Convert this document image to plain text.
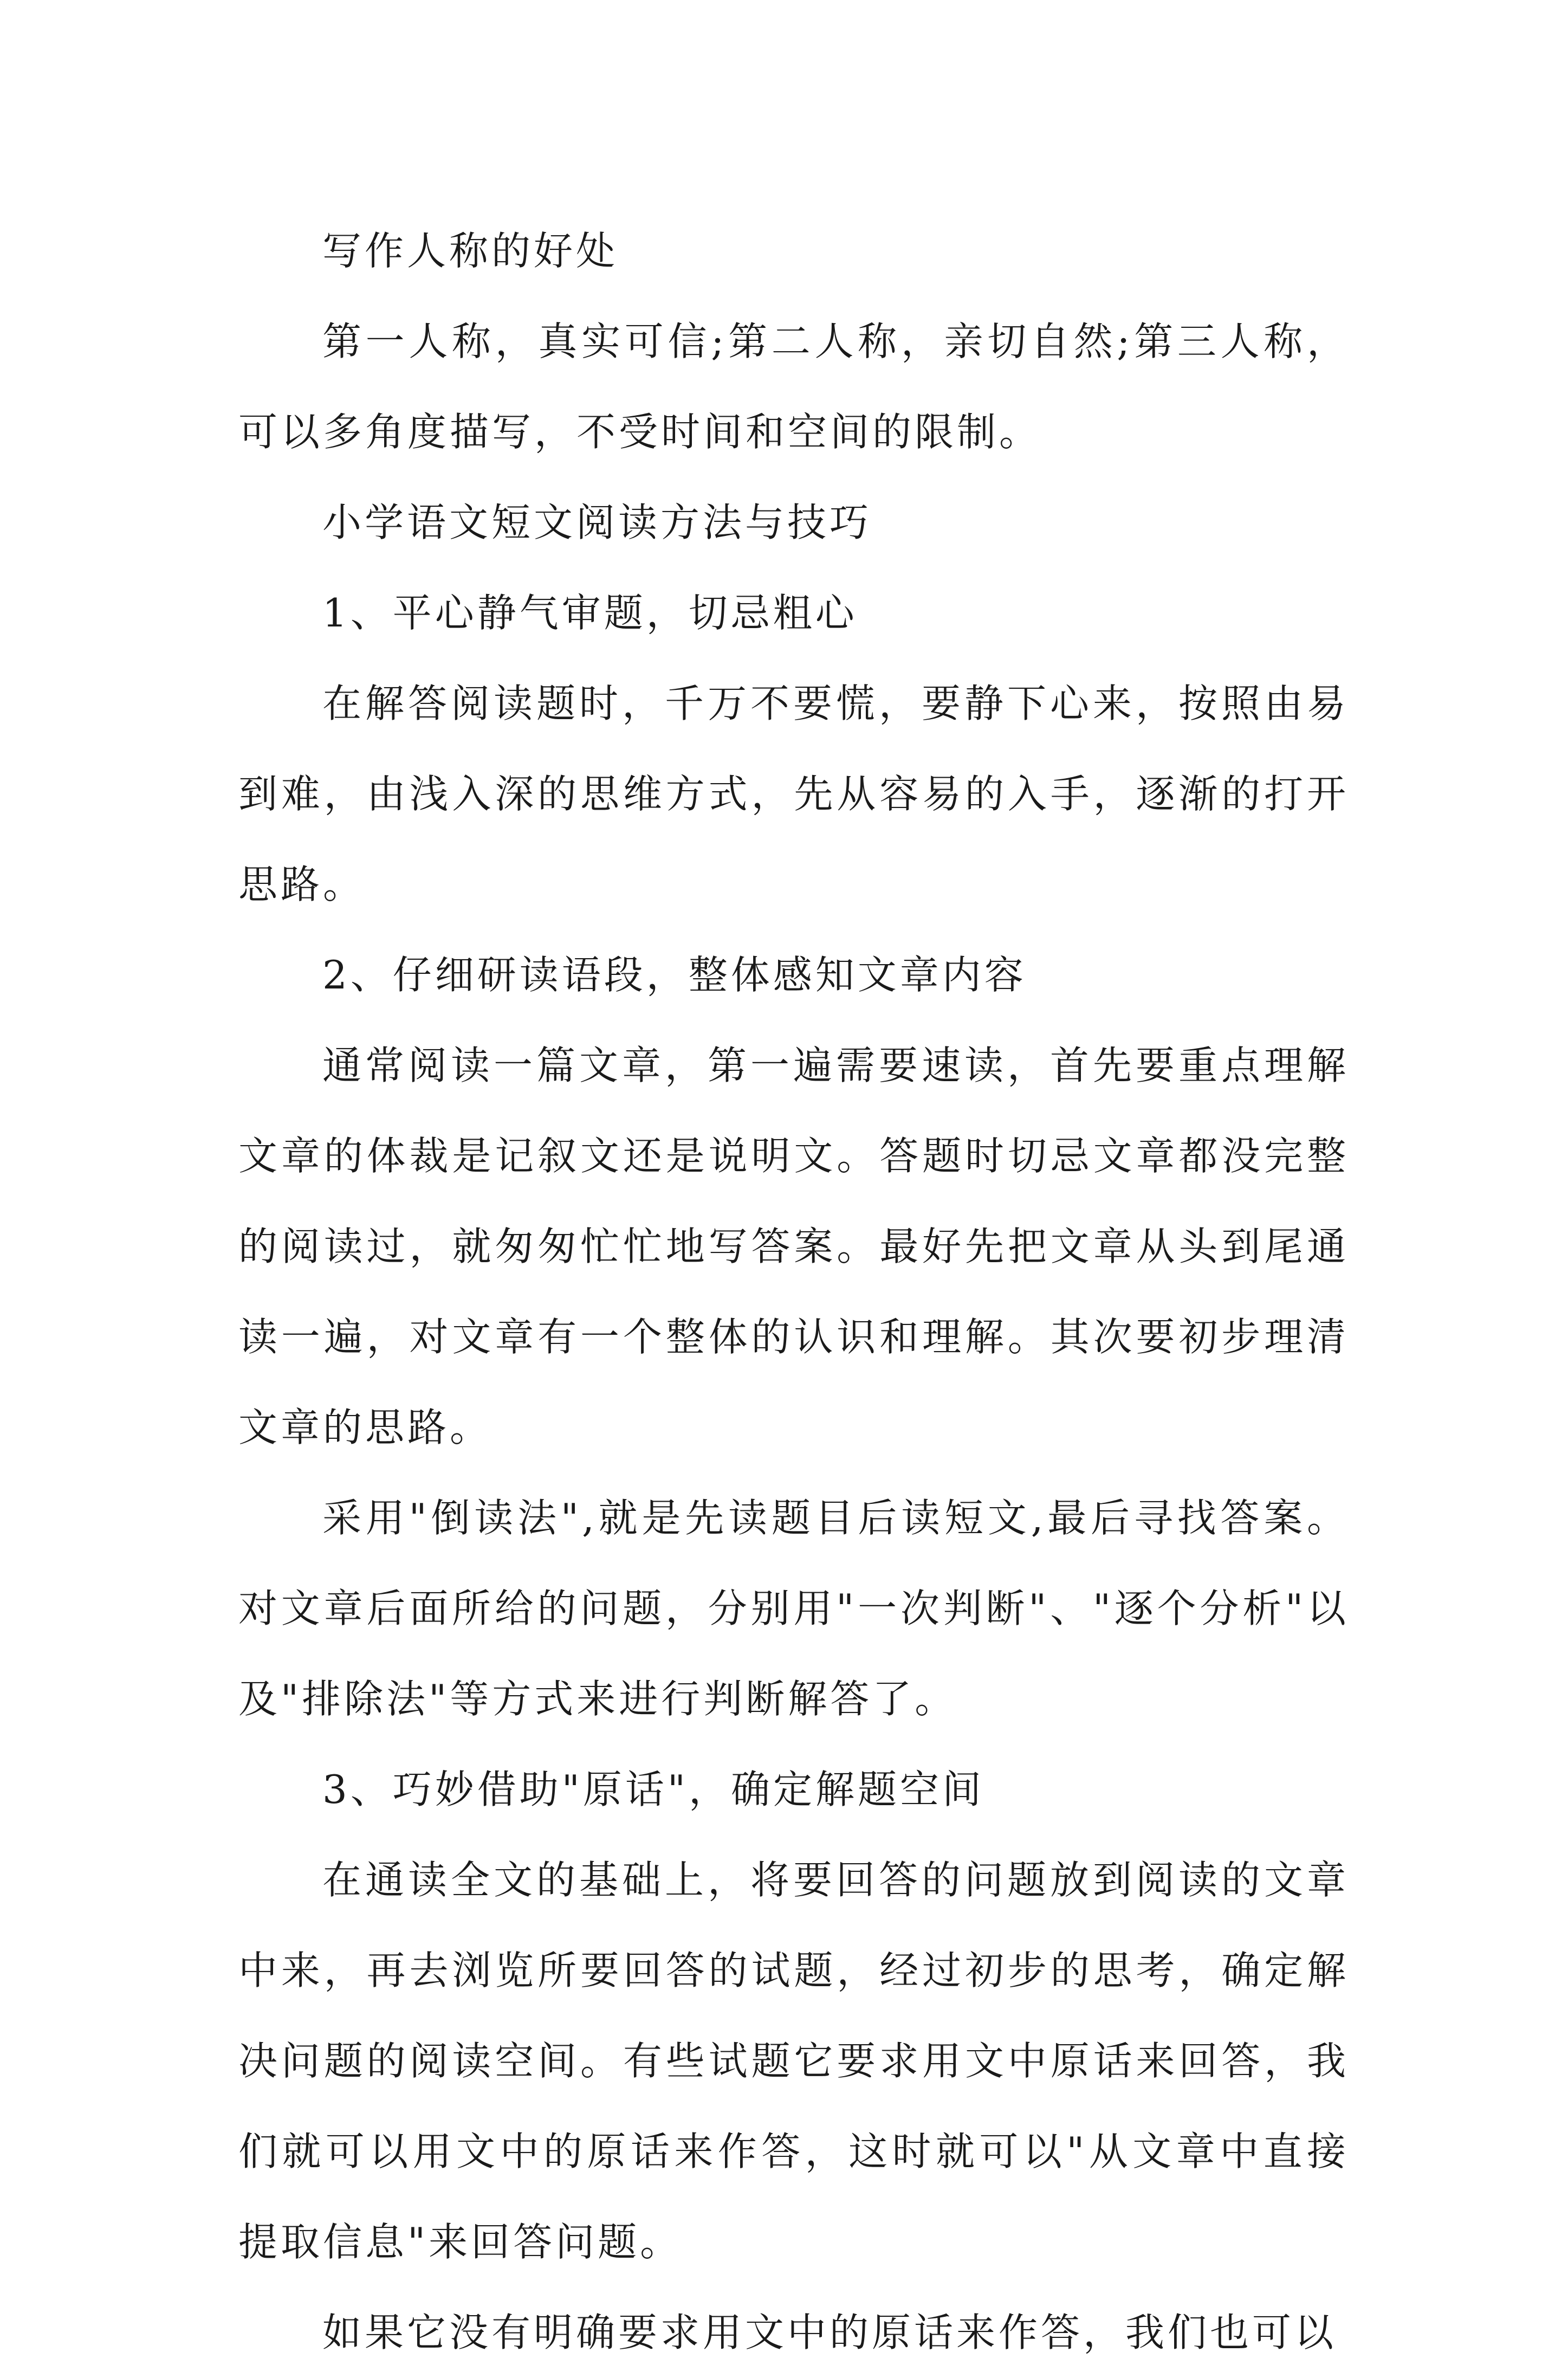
写作人称的好处

第一人称，真实可信;第二人称，亲切自然;第三人称，可以多角度描写，不受时间和空间的限制。

小学语文短文阅读方法与技巧

1、平心静气审题，切忌粗心

在解答阅读题时，千万不要慌，要静下心来，按照由易到难，由浅入深的思维方式，先从容易的入手，逐渐的打开思路。

2、仔细研读语段，整体感知文章内容

通常阅读一篇文章，第一遍需要速读，首先要重点理解文章的体裁是记叙文还是说明文。答题时切忌文章都没完整的阅读过，就匆匆忙忙地写答案。最好先把文章从头到尾通读一遍，对文章有一个整体的认识和理解。其次要初步理清文章的思路。

采用"倒读法",就是先读题目后读短文,最后寻找答案。对文章后面所给的问题，分别用"一次判断"、"逐个分析"以及"排除法"等方式来进行判断解答了。

3、巧妙借助"原话"，确定解题空间

在通读全文的基础上，将要回答的问题放到阅读的文章中来，再去浏览所要回答的试题，经过初步的思考，确定解决问题的阅读空间。有些试题它要求用文中原话来回答，我们就可以用文中的原话来作答，这时就可以"从文章中直接提取信息"来回答问题。

如果它没有明确要求用文中的原话来作答，我们也可以
